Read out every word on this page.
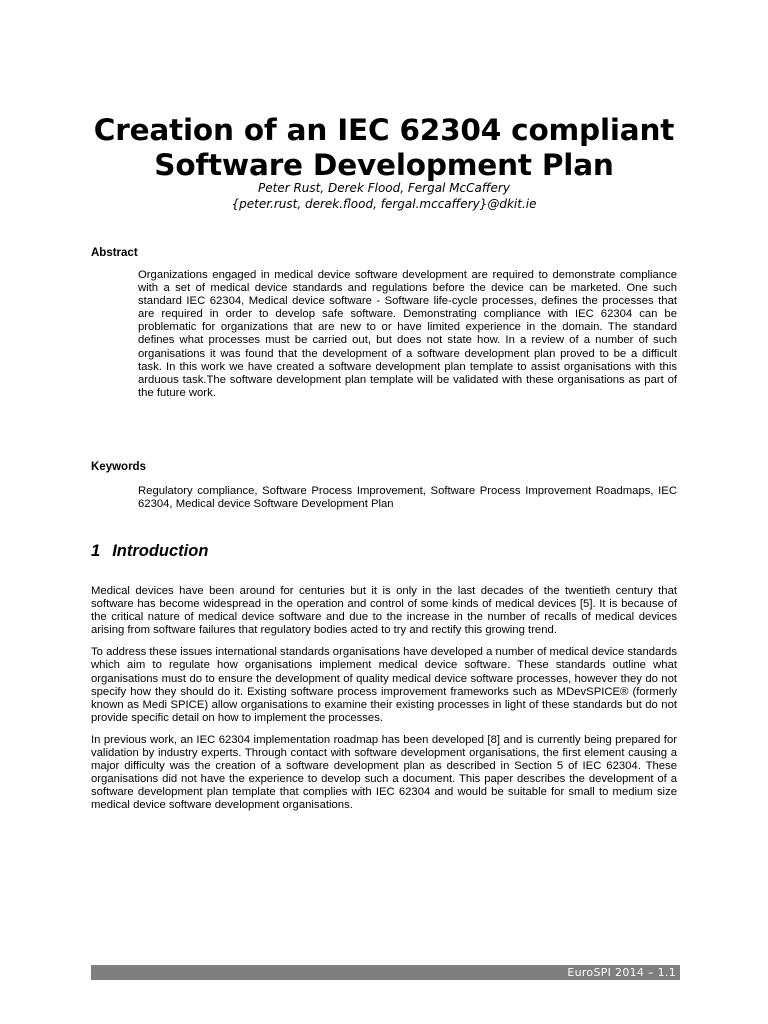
Creation of an IEC 62304 compliant
Software Development Plan
Peter Rust, Derek Flood, Fergal McCaffery
{peter.rust, derek.flood, fergal.mccaffery}@dkit.ie
Abstract

Organizations engaged in medical device software development are required to demonstrate compliance with a set of medical device standards and regulations before the device can be marketed. One such standard IEC 62304, Medical device software - Software life-cycle processes, defines the processes that are required in order to develop safe software. Demonstrating compliance with IEC 62304 can be problematic for organizations that are new to or have limited experience in the domain. The standard defines what processes must be carried out, but does not state how. In a review of a number of such organisations it was found that the development of a software development plan proved to be a difficult task. In this work we have created a software development plan template to assist organisations with this arduous task.The software development plan template will be validated with these organisations as part of the future work.

Keywords

Regulatory compliance, Software Process Improvement, Software Process Improvement Roadmaps, IEC 62304, Medical device Software Development Plan

1 Introduction

Medical devices have been around for centuries but it is only in the last decades of the twentieth century that software has become widespread in the operation and control of some kinds of medical devices [5]. It is because of the critical nature of medical device software and due to the increase in the number of recalls of medical devices arising from software failures that regulatory bodies acted to try and rectify this growing trend.

To address these issues international standards organisations have developed a number of medical device standards which aim to regulate how organisations implement medical device software. These standards outline what organisations must do to ensure the development of quality medical device software processes, however they do not specify how they should do it. Existing software process improvement frameworks such as MDevSPICE® (formerly known as Medi SPICE) allow organisations to examine their existing processes in light of these standards but do not provide specific detail on how to implement the processes.

In previous work, an IEC 62304 implementation roadmap has been developed [8] and is currently being prepared for validation by industry experts. Through contact with software development organisations, the first element causing a major difficulty was the creation of a software development plan as described in Section 5 of IEC 62304. These organisations did not have the experience to develop such a document. This paper describes the development of a software development plan template that complies with IEC 62304 and would be suitable for small to medium size medical device software development organisations.

EuroSPI 2014 – 1.1
